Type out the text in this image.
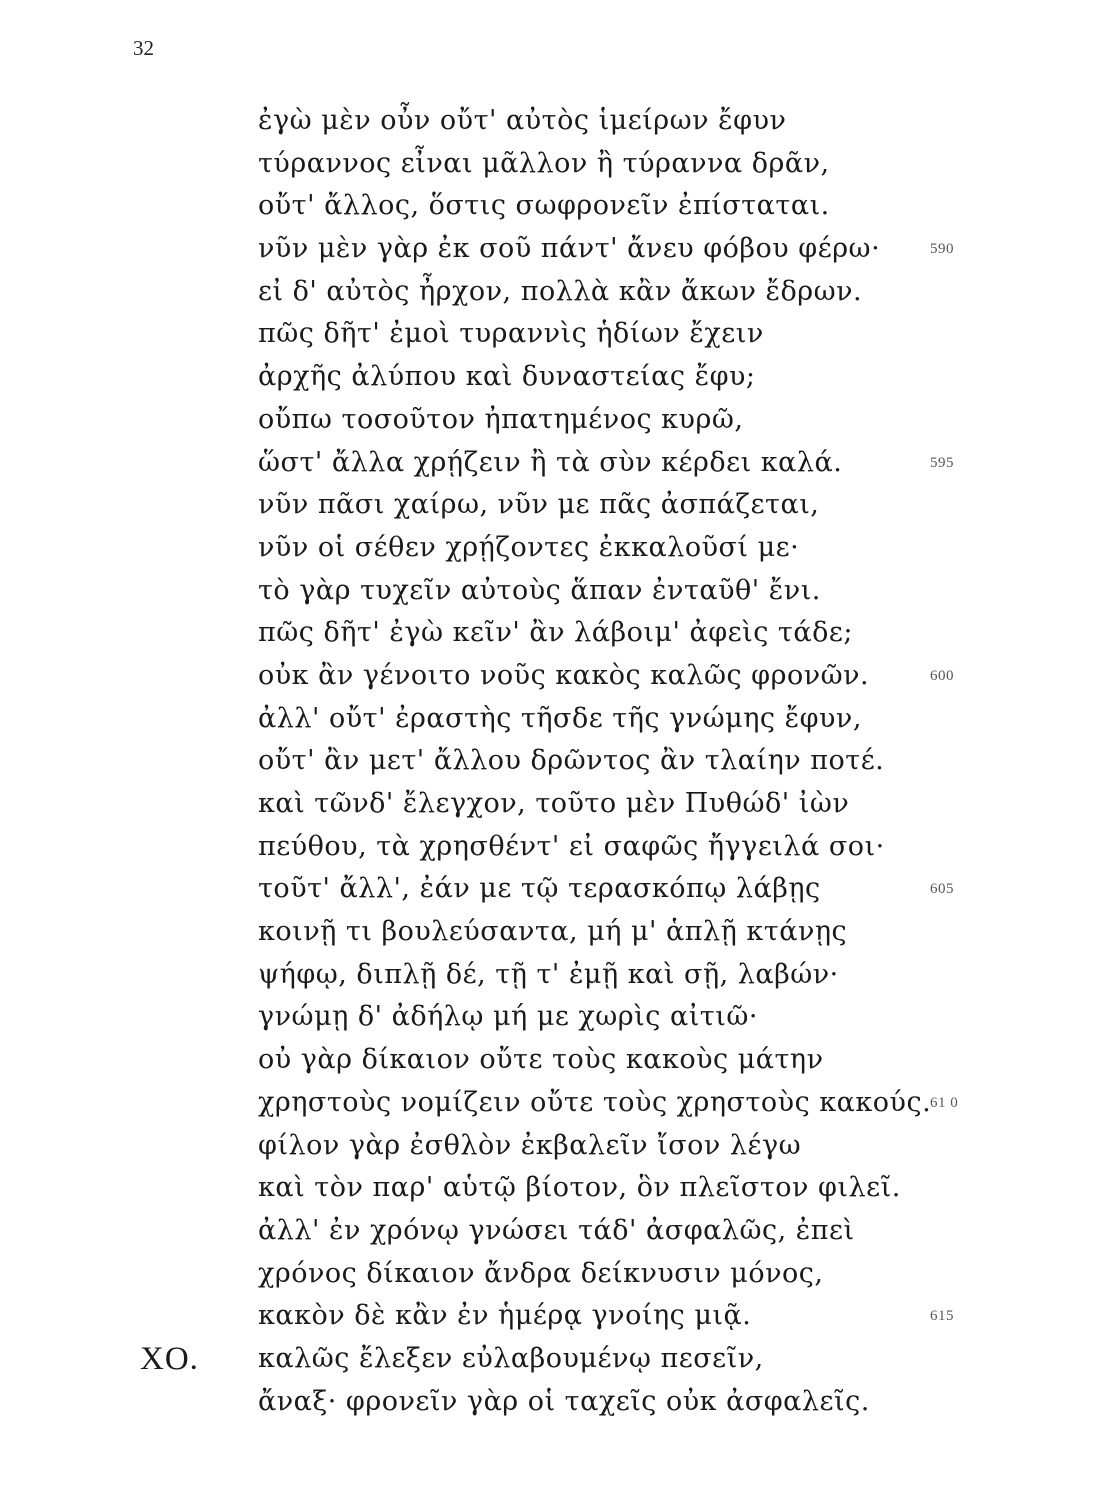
32
ἐγὼ μὲν οὖν οὔτ' αὐτὸς ἱμείρων ἔφυν
τύραννος εἶναι μᾶλλον ἢ τύραννα δρᾶν,
οὔτ' ἄλλος, ὅστις σωφρονεῖν ἐπίσταται.
νῦν μὲν γὰρ ἐκ σοῦ πάντ' ἄνευ φόβου φέρω·	590
εἰ δ' αὐτὸς ἦρχον, πολλὰ κἂν ἄκων ἔδρων.
πῶς δῆτ' ἐμοὶ τυραννὶς ἡδίων ἔχειν
ἀρχῆς ἀλύπου καὶ δυναστείας ἔφυ;
οὔπω τοσοῦτον ἠπατημένος κυρῶ,
ὥστ' ἄλλα χρῄζειν ἢ τὰ σὺν κέρδει καλά.	595
νῦν πᾶσι χαίρω, νῦν με πᾶς ἀσπάζεται,
νῦν οἱ σέθεν χρῄζοντες ἐκκαλοῦσί με·
τὸ γὰρ τυχεῖν αὐτοὺς ἅπαν ἐνταῦθ' ἔνι.
πῶς δῆτ' ἐγὼ κεῖν' ἂν λάβοιμ' ἀφεὶς τάδε;
οὐκ ἂν γένοιτο νοῦς κακὸς καλῶς φρονῶν.	600
ἀλλ' οὔτ' ἐραστὴς τῆσδε τῆς γνώμης ἔφυν,
οὔτ' ἂν μετ' ἄλλου δρῶντος ἂν τλαίην ποτέ.
καὶ τῶνδ' ἔλεγχον, τοῦτο μὲν Πυθώδ' ἰὼν
πεύθου, τὰ χρησθέντ' εἰ σαφῶς ἤγγειλά σοι·
τοῦτ' ἄλλ', ἐάν με τῷ τερασκόπῳ λάβῃς	605
κοινῇ τι βουλεύσαντα, μή μ' ἁπλῇ κτάνῃς
ψήφῳ, διπλῇ δέ, τῇ τ' ἐμῇ καὶ σῇ, λαβών·
γνώμῃ δ' ἀδήλῳ μή με χωρὶς αἰτιῶ·
οὐ γὰρ δίκαιον οὔτε τοὺς κακοὺς μάτην
χρηστοὺς νομίζειν οὔτε τοὺς χρηστοὺς κακούς.
61 0
φίλον γὰρ ἐσθλὸν ἐκβαλεῖν ἴσον λέγω
καὶ τὸν παρ' αὑτῷ βίοτον, ὃν πλεῖστον φιλεῖ.
ἀλλ' ἐν χρόνῳ γνώσει τάδ' ἀσφαλῶς, ἐπεὶ
χρόνος δίκαιον ἄνδρα δείκνυσιν μόνος,
κακὸν δὲ κἂν ἐν ἡμέρᾳ γνοίης μιᾷ.	615
ΧΟ. καλῶς ἔλεξεν εὐλαβουμένῳ πεσεῖν,
ἄναξ· φρονεῖν γὰρ οἱ ταχεῖς οὐκ ἀσφαλεῖς.
